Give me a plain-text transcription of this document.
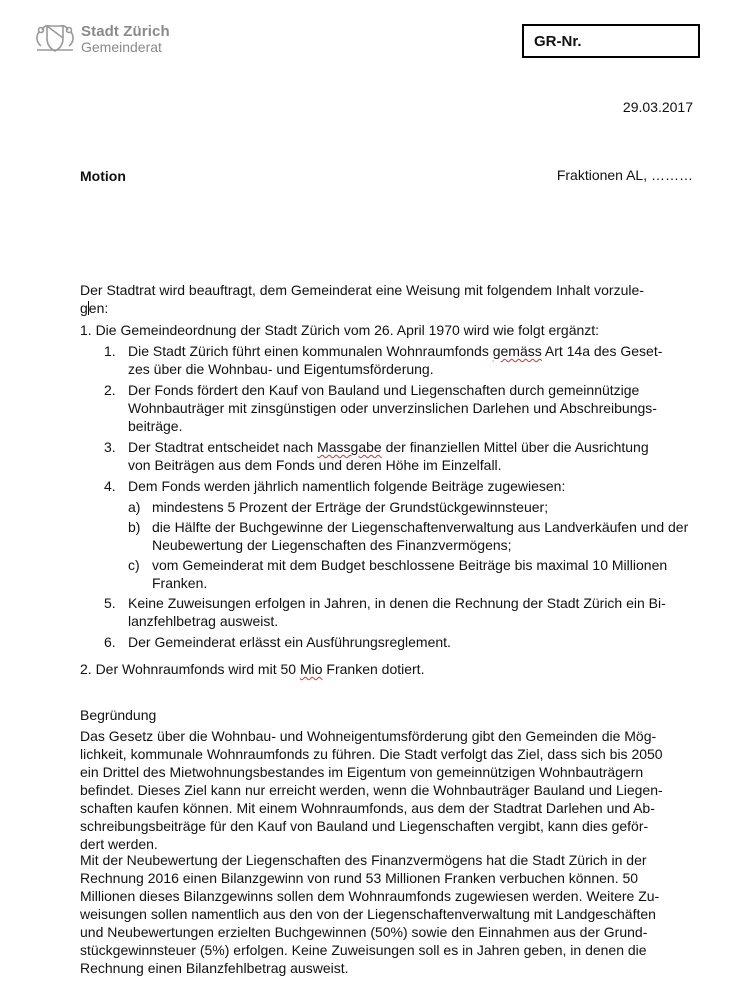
Stadt Zürich
Gemeinderat	GR-Nr.
29.03.2017
Motion	Fraktionen AL, ………

Der Stadtrat wird beauftragt, dem Gemeinderat eine Weisung mit folgendem Inhalt vorzule-

gen:

1. Die Gemeindeordnung der Stadt Zürich vom 26. April 1970 wird wie folgt ergänzt:
1. Die Stadt Zürich führt einen kommunalen Wohnraumfonds gemäss Art 14a des Geset-

zes über die Wohnbau- und Eigentumsförderung.

2. Der Fonds fördert den Kauf von Bauland und Liegenschaften durch gemeinnützige

Wohnbauträger mit zinsgünstigen oder unverzinslichen Darlehen und Abschreibungs-

beiträge.

3. Der Stadtrat entscheidet nach Massgabe der finanziellen Mittel über die Ausrichtung

von Beiträgen aus dem Fonds und deren Höhe im Einzelfall.

4. Dem Fonds werden jährlich namentlich folgende Beiträge zugewiesen:

a) mindestens 5 Prozent der Erträge der Grundstückgewinnsteuer;

b) die Hälfte der Buchgewinne der Liegenschaftenverwaltung aus Landverkäufen und der

Neubewertung der Liegenschaften des Finanzvermögens;

c) vom Gemeinderat mit dem Budget beschlossene Beiträge bis maximal 10 Millionen

Franken.

5. Keine Zuweisungen erfolgen in Jahren, in denen die Rechnung der Stadt Zürich ein Bi-

lanzfehlbetrag ausweist.

6. Der Gemeinderat erlässt ein Ausführungsreglement.

2. Der Wohnraumfonds wird mit 50 Mio Franken dotiert.
Begründung

Das Gesetz über die Wohnbau- und Wohneigentumsförderung gibt den Gemeinden die Mög-

lichkeit, kommunale Wohnraumfonds zu führen. Die Stadt verfolgt das Ziel, dass sich bis 2050

ein Drittel des Mietwohnungsbestandes im Eigentum von gemeinnützigen Wohnbauträgern

befindet. Dieses Ziel kann nur erreicht werden, wenn die Wohnbauträger Bauland und Liegen-

schaften kaufen können. Mit einem Wohnraumfonds, aus dem der Stadtrat Darlehen und Ab-

schreibungsbeiträge für den Kauf von Bauland und Liegenschaften vergibt, kann dies geför-

dert werden.

Mit der Neubewertung der Liegenschaften des Finanzvermögens hat die Stadt Zürich in der

Rechnung 2016 einen Bilanzgewinn von rund 53 Millionen Franken verbuchen können. 50

Millionen dieses Bilanzgewinns sollen dem Wohnraumfonds zugewiesen werden. Weitere Zu-

weisungen sollen namentlich aus den von der Liegenschaftenverwaltung mit Landgeschäften

und Neubewertungen erzielten Buchgewinnen (50%) sowie den Einnahmen aus der Grund-

stückgewinnsteuer (5%) erfolgen. Keine Zuweisungen soll es in Jahren geben, in denen die

Rechnung einen Bilanzfehlbetrag ausweist.
